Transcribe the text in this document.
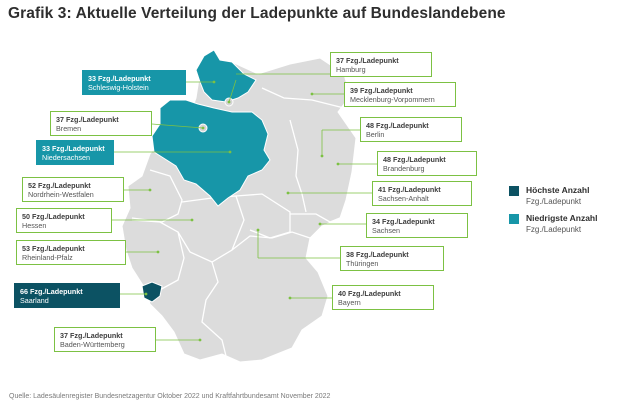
Grafik 3: Aktuelle Verteilung der Ladepunkte auf Bundeslandebene
33 Fzg./Ladepunkt
Schleswig-Holstein
37 Fzg./Ladepunkt
Hamburg
39 Fzg./Ladepunkt
Mecklenburg-Vorpommern
37 Fzg./Ladepunkt
Bremen	48 Fzg./Ladepunkt
Berlin
33 Fzg./Ladepunkt
Niedersachsen	48 Fzg./Ladepunkt
Brandenburg
52 Fzg./Ladepunkt
Nordrhein-Westfalen
41 Fzg./Ladepunkt
Sachsen-Anhalt
50 Fzg./Ladepunkt
Hessen	34 Fzg./Ladepunkt
Sachsen
53 Fzg./Ladepunkt
Rheinland-Pfalz	38 Fzg./Ladepunkt
Thüringen
66 Fzg./Ladepunkt
Saarland
40 Fzg./Ladepunkt
Bayern
37 Fzg./Ladepunkt
Baden-Württemberg
Höchste Anzahl
Fzg./Ladepunkt
Niedrigste Anzahl
Fzg./Ladepunkt
Quelle: Ladesäulenregister Bundesnetzagentur Oktober 2022 und Kraftfahrtbundesamt November 2022
